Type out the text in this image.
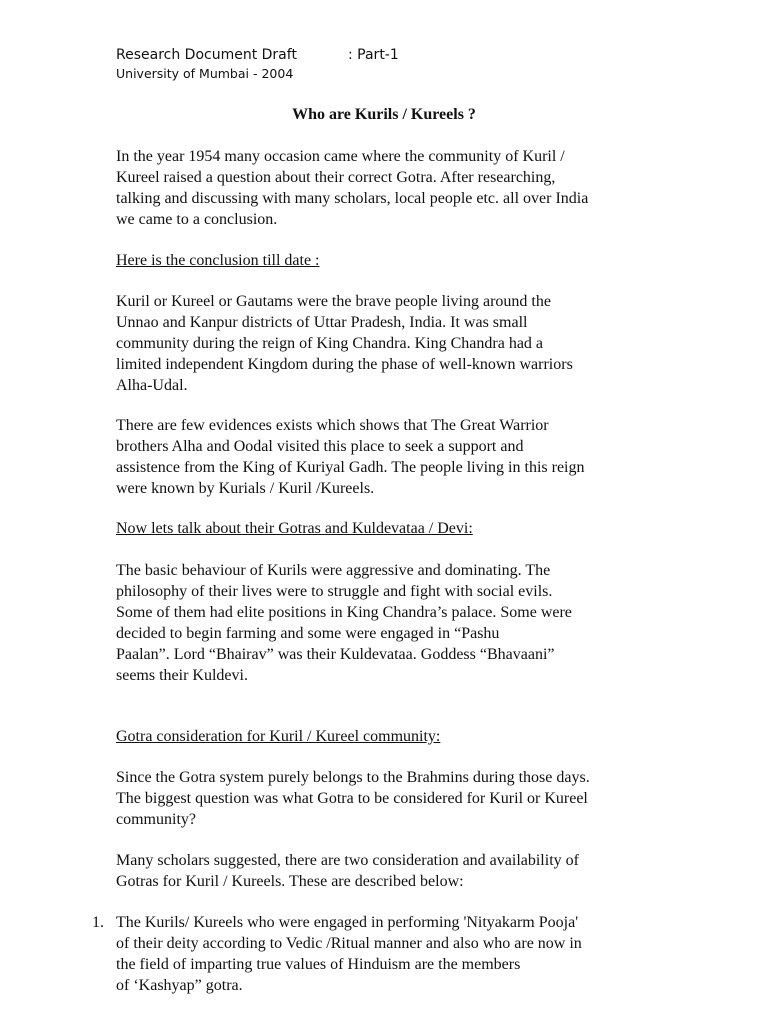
Research Document Draft	: Part-1
University of Mumbai - 2004
Who are Kurils / Kureels ?

In the year 1954 many occasion came where the community of Kuril /
Kureel raised a question about their correct Gotra. After researching,
talking and discussing with many scholars, local people etc. all over India
we came to a conclusion.

Here is the conclusion till date :

Kuril or Kureel or Gautams were the brave people living around the
Unnao and Kanpur districts of Uttar Pradesh, India. It was small
community during the reign of King Chandra. King Chandra had a
limited independent Kingdom during the phase of well-known warriors
Alha-Udal.

There are few evidences exists which shows that The Great Warrior
brothers Alha and Oodal visited this place to seek a support and
assistence from the King of Kuriyal Gadh. The people living in this reign
were known by Kurials / Kuril /Kureels.

Now lets talk about their Gotras and Kuldevataa / Devi:

The basic behaviour of Kurils were aggressive and dominating. The
philosophy of their lives were to struggle and fight with social evils.
Some of them had elite positions in King Chandra’s palace. Some were
decided to begin farming and some were engaged in “Pashu
Paalan”. Lord “Bhairav” was their Kuldevataa. Goddess “Bhavaani”
seems their Kuldevi.

Gotra consideration for Kuril / Kureel community:

Since the Gotra system purely belongs to the Brahmins during those days.
The biggest question was what Gotra to be considered for Kuril or Kureel
community?

Many scholars suggested, there are two consideration and availability of
Gotras for Kuril / Kureels. These are described below:

1. The Kurils/ Kureels who were engaged in performing 'Nityakarm Pooja'
of their deity according to Vedic /Ritual manner and also who are now in
the field of imparting true values of Hinduism are the members
of ‘Kashyap” gotra.
